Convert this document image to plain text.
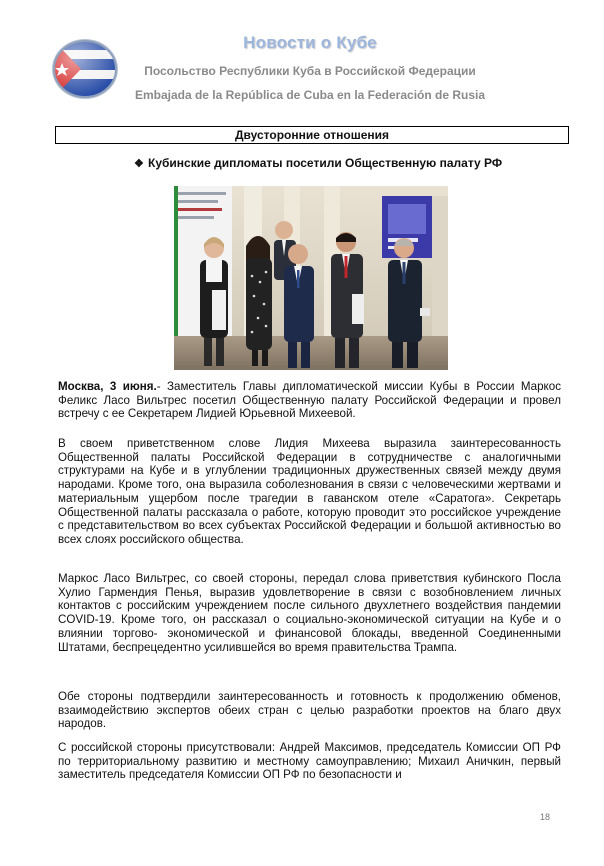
Новости о Кубе
Посольство Республики Куба в Российской Федерации
Embajada de la República de Cuba en la Federación de Rusia
Двусторонние отношения
❖ Кубинские дипломаты посетили Общественную палату РФ

Москва, 3 июня.- Заместитель Главы дипломатической миссии Кубы в России Маркос Феликс Ласо Вильтрес посетил Общественную палату Российской Федерации и провел встречу с ее Секретарем Лидией Юрьевной Михеевой.

В своем приветственном слове Лидия Михеева выразила заинтересованность Общественной палаты Российской Федерации в сотрудничестве с аналогичными структурами на Кубе и в углублении традиционных дружественных связей между двумя народами. Кроме того, она выразила соболезнования в связи с человеческими жертвами и материальным ущербом после трагедии в гаванском отеле «Саратога». Секретарь Общественной палаты рассказала о работе, которую проводит это российское учреждение с представительством во всех субъектах Российской Федерации и большой активностью во всех слоях российского общества.

Маркос Ласо Вильтрес, со своей стороны, передал слова приветствия кубинского Посла Хулио Гармендия Пенья, выразив удовлетворение в связи с возобновлением личных контактов с российским учреждением после сильного двухлетнего воздействия пандемии COVID-19. Кроме того, он рассказал о социально-экономической ситуации на Кубе и о влиянии торгово- экономической и финансовой блокады, введенной Соединенными Штатами, беспрецедентно усилившейся во время правительства Трампа.

Обе стороны подтвердили заинтересованность и готовность к продолжению обменов, взаимодействию экспертов обеих стран с целью разработки проектов на благо двух народов.

С российской стороны присутствовали: Андрей Максимов, председатель Комиссии ОП РФ по территориальному развитию и местному самоуправлению; Михаил Аничкин, первый заместитель председателя Комиссии ОП РФ по безопасности и

18
